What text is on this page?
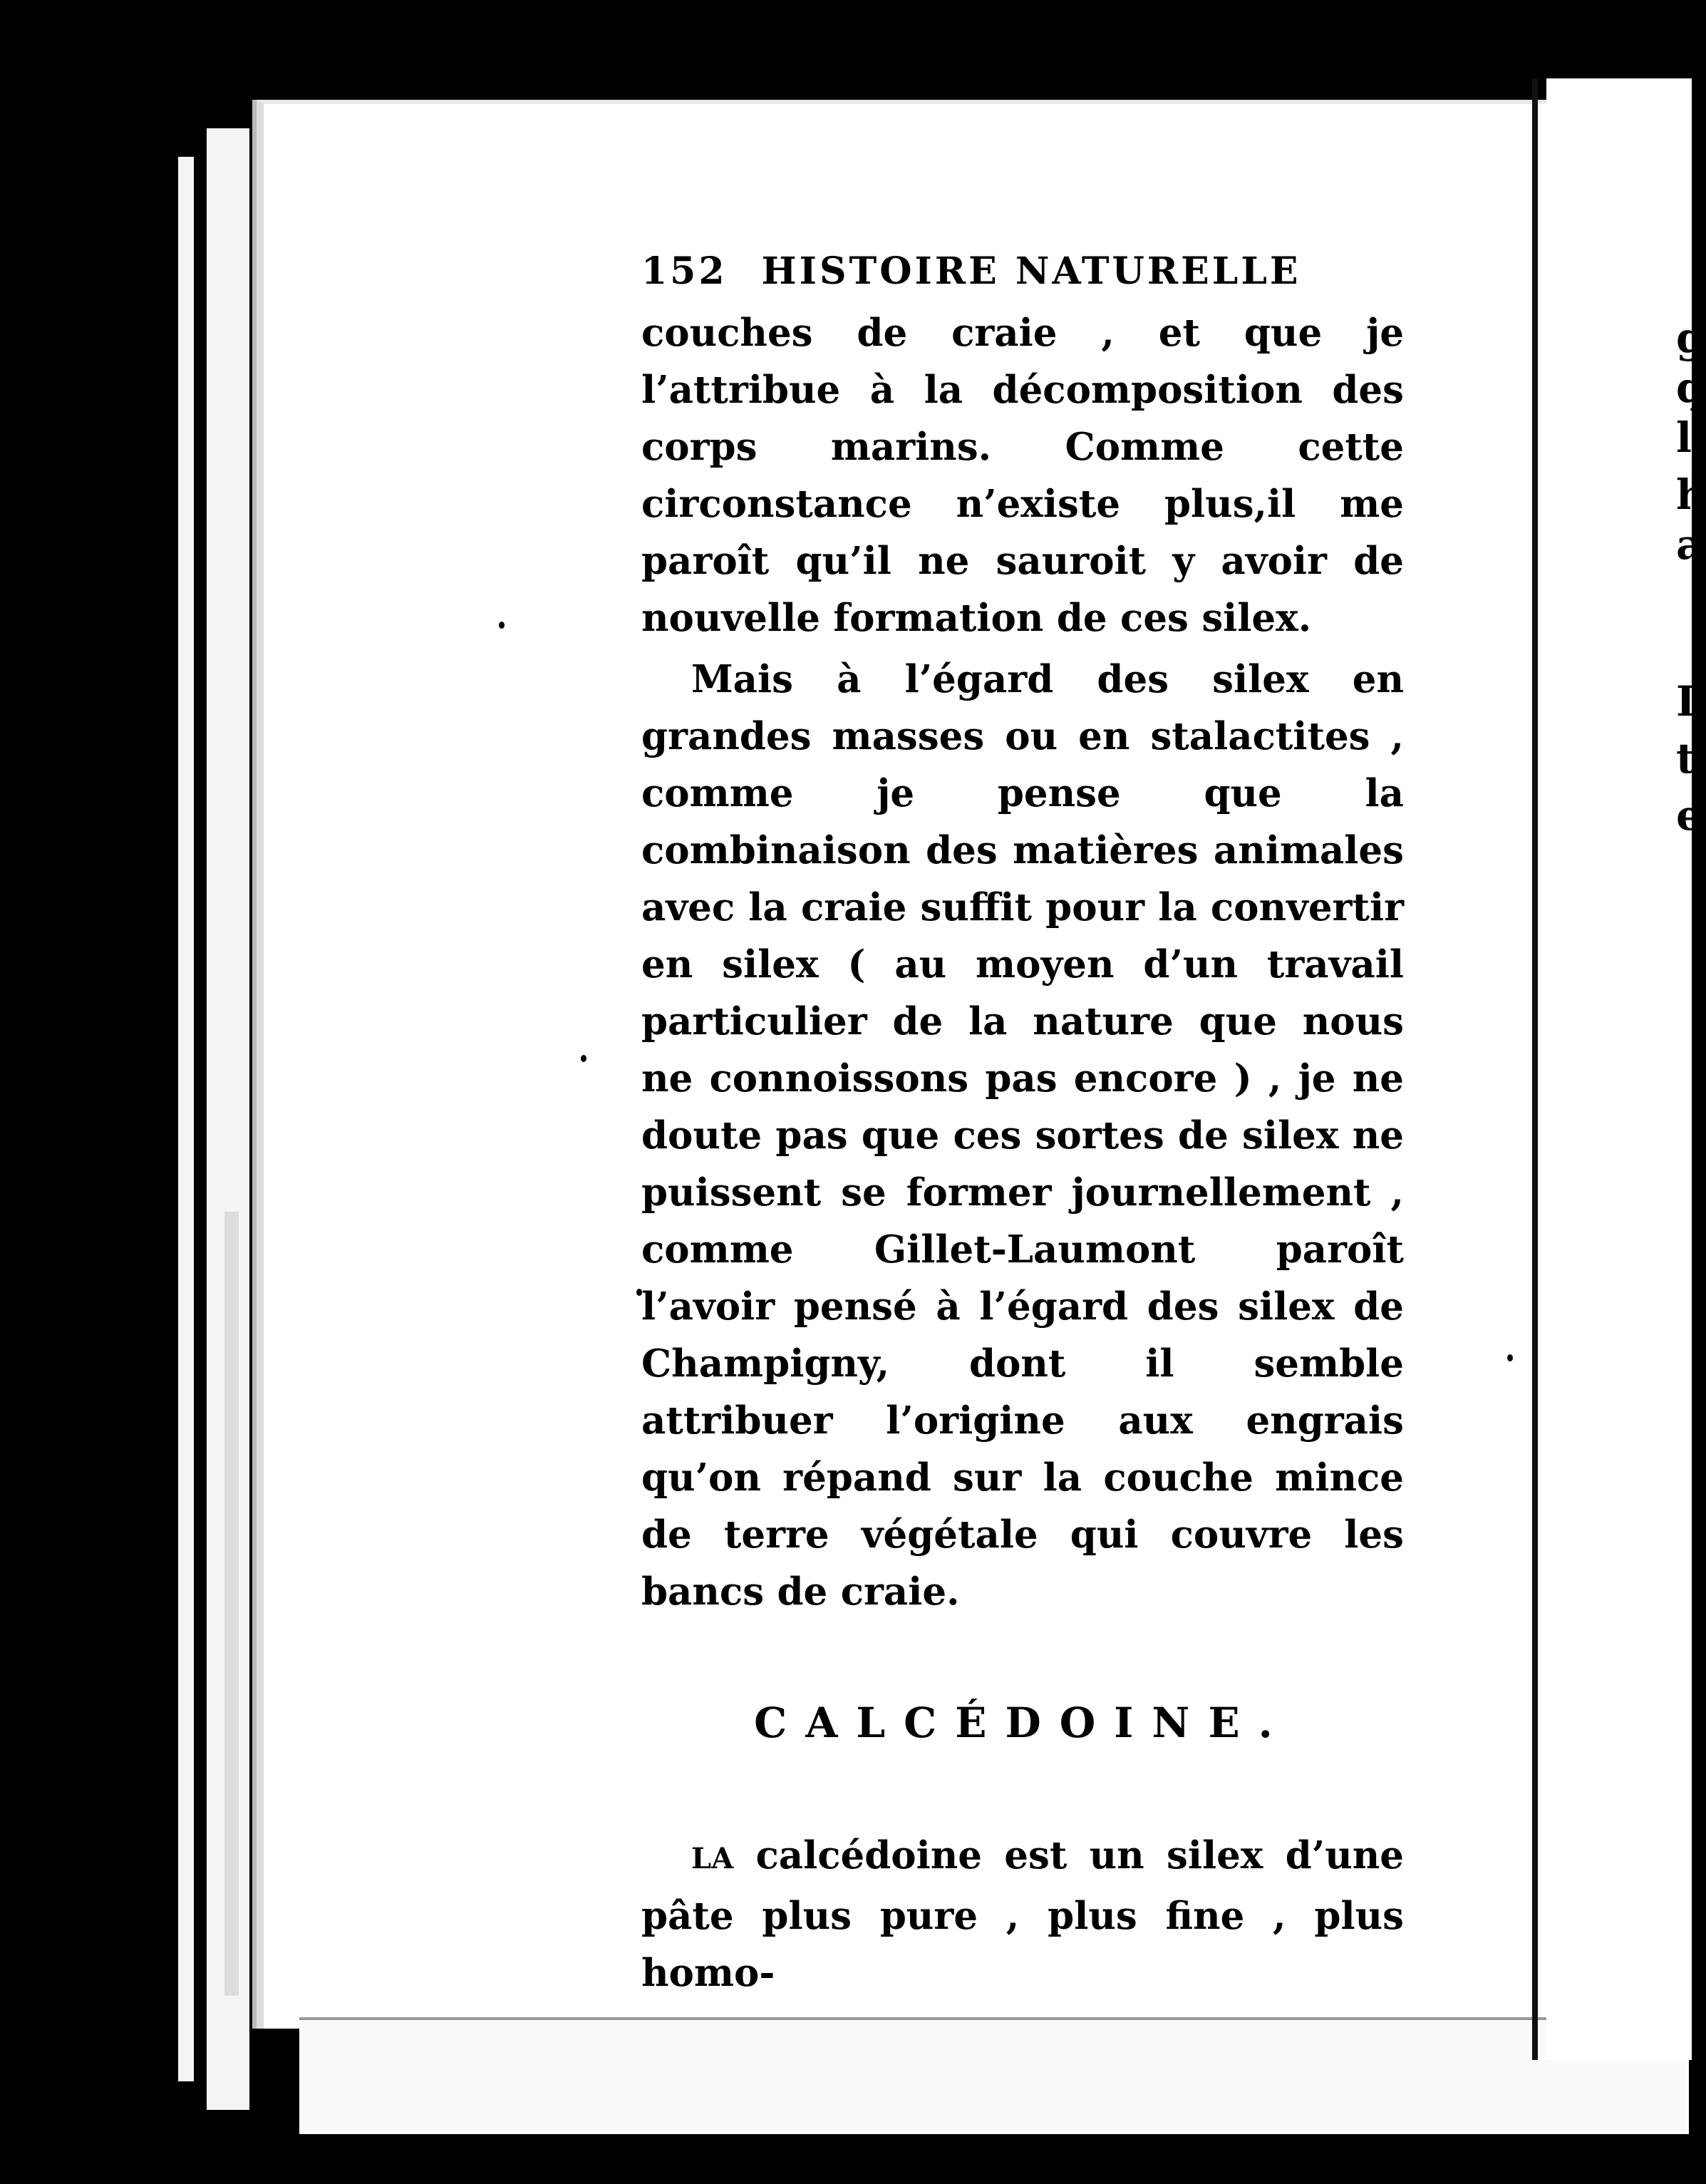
g
q
l
h
a
I
t
e
152 HISTOIRE NATURELLE

couches de craie , et que je l’attribue à la décomposition des corps marins. Comme cette circonstance n’existe plus,il me paroît qu’il ne sauroit y avoir de nouvelle formation de ces silex.

Mais à l’égard des silex en grandes masses ou en stalactites , comme je pense que la combinaison des matières animales avec la craie suffit pour la convertir en silex ( au moyen d’un travail particulier de la nature que nous ne connoissons pas encore ) , je ne doute pas que ces sortes de silex ne puissent se former journellement , comme Gillet-Laumont paroît l’avoir pensé à l’égard des silex de Champigny, dont il semble attribuer l’origine aux engrais qu’on répand sur la couche mince de terre végétale qui couvre les bancs de craie.

CALCÉDOINE.

LA calcédoine est un silex d’une pâte plus pure , plus fine , plus homo-
